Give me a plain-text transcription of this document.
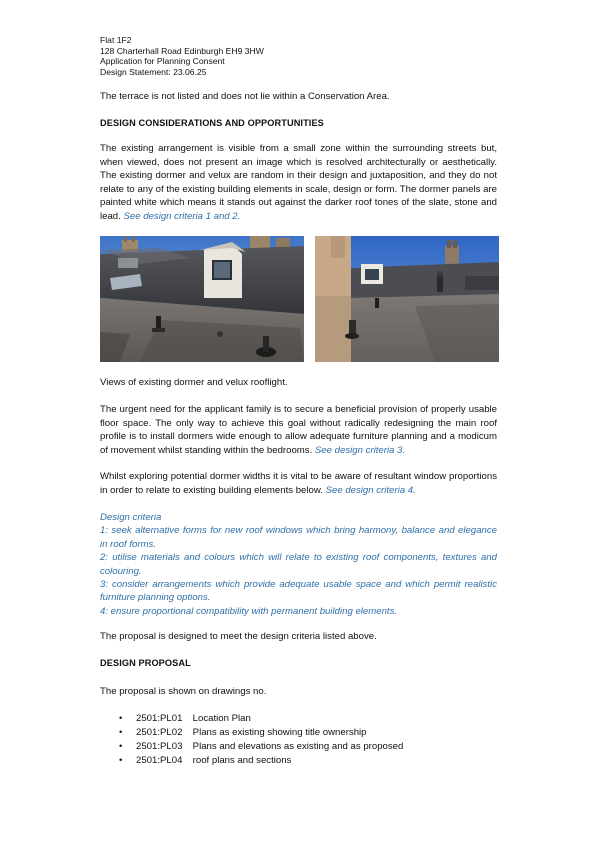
Flat 1F2
128 Charterhall Road Edinburgh EH9 3HW
Application for Planning Consent
Design Statement: 23.06.25
The terrace is not listed and does not lie within a Conservation Area.
DESIGN CONSIDERATIONS AND OPPORTUNITIES
The existing arrangement is visible from a small zone within the surrounding streets but, when viewed, does not present an image which is resolved architecturally or aesthetically. The existing dormer and velux are random in their design and juxtaposition, and they do not relate to any of the existing building elements in scale, design or form. The dormer panels are painted white which means it stands out against the darker roof tones of the slate, stone and lead. See design criteria 1 and 2.
Views of existing dormer and velux rooflight.
The urgent need for the applicant family is to secure a beneficial provision of properly usable floor space. The only way to achieve this goal without radically redesigning the main roof profile is to install dormers wide enough to allow adequate furniture planning and a modicum of movement whilst standing within the bedrooms. See design criteria 3.
Whilst exploring potential dormer widths it is vital to be aware of resultant window proportions in order to relate to existing building elements below. See design criteria 4.
Design criteria
1: seek alternative forms for new roof windows which bring harmony, balance and elegance in roof forms.
2: utilise materials and colours which will relate to existing roof components, textures and colouring.
3: consider arrangements which provide adequate usable space and which permit realistic furniture planning options.
4: ensure proportional compatibility with permanent building elements.
The proposal is designed to meet the design criteria listed above.
DESIGN PROPOSAL
The proposal is shown on drawings no.
• 2501:PL01 Location Plan
• 2501:PL02 Plans as existing showing title ownership
• 2501:PL03 Plans and elevations as existing and as proposed
• 2501:PL04 roof plans and sections
